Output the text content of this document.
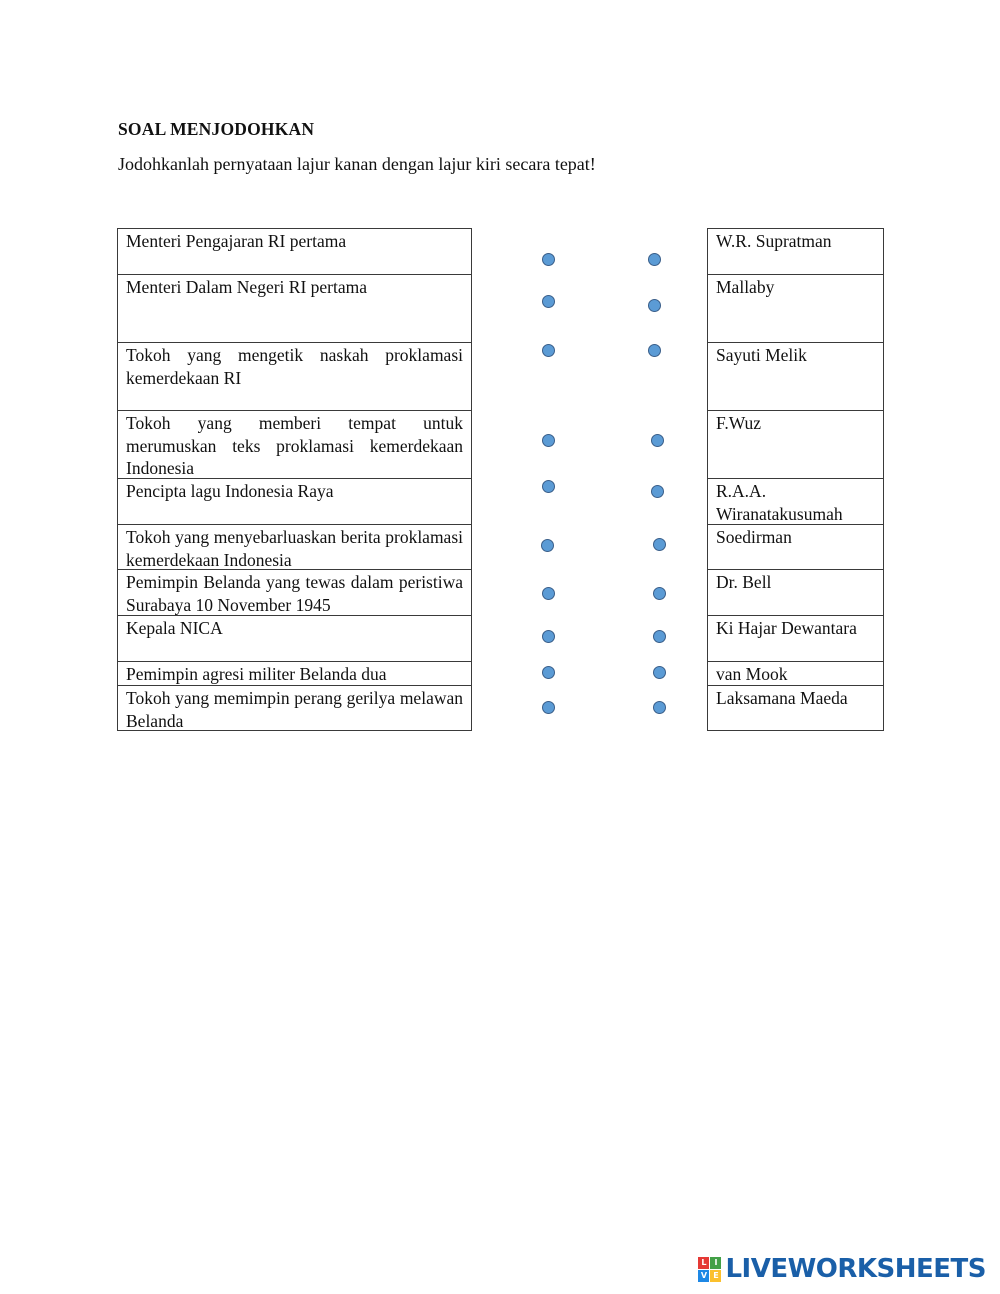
SOAL MENJODOHKAN
Jodohkanlah pernyataan lajur kanan dengan lajur kiri secara tepat!
Menteri Pengajaran RI pertama
Menteri Dalam Negeri RI pertama
Tokoh yang mengetik naskah proklamasi kemerdekaan RI
Tokoh yang memberi tempat untuk merumuskan teks proklamasi kemerdekaan Indonesia
Pencipta lagu Indonesia Raya
Tokoh yang menyebarluaskan berita proklamasi kemerdekaan Indonesia
Pemimpin Belanda yang tewas dalam peristiwa Surabaya 10 November 1945
Kepala NICA
Pemimpin agresi militer Belanda dua
Tokoh yang memimpin perang gerilya melawan Belanda
W.R. Supratman
Mallaby
Sayuti Melik
F.Wuz
R.A.A. Wiranatakusumah
Soedirman
Dr. Bell
Ki Hajar Dewantara
van Mook
Laksamana Maeda
L I
V E LIVEWORKSHEETS
